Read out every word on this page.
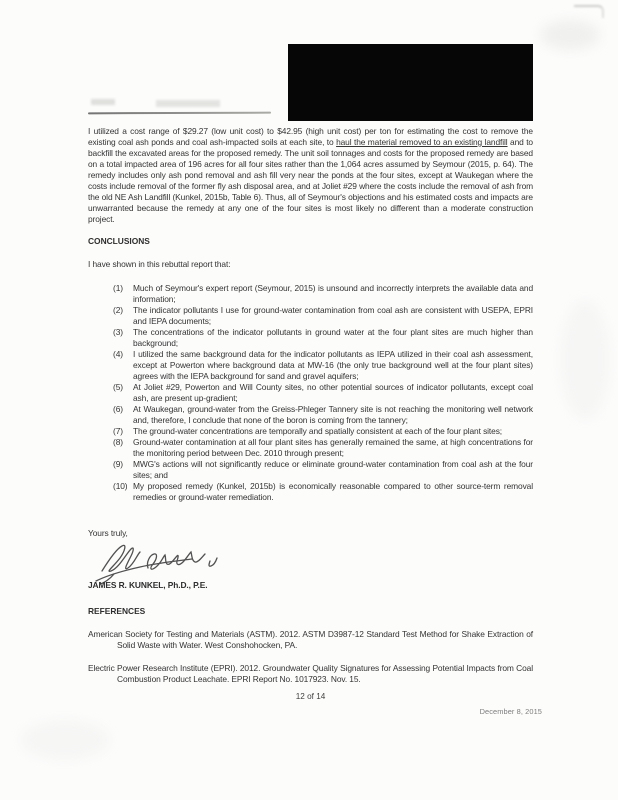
I utilized a cost range of $29.27 (low unit cost) to $42.95 (high unit cost) per ton for estimating the cost to remove the existing coal ash ponds and coal ash-impacted soils at each site, to haul the material removed to an existing landfill and to backfill the excavated areas for the proposed remedy. The unit soil tonnages and costs for the proposed remedy are based on a total impacted area of 196 acres for all four sites rather than the 1,064 acres assumed by Seymour (2015, p. 64). The remedy includes only ash pond removal and ash fill very near the ponds at the four sites, except at Waukegan where the costs include removal of the former fly ash disposal area, and at Joliet #29 where the costs include the removal of ash from the old NE Ash Landfill (Kunkel, 2015b, Table 6). Thus, all of Seymour's objections and his estimated costs and impacts are unwarranted because the remedy at any one of the four sites is most likely no different than a moderate construction project.

CONCLUSIONS
I have shown in this rebuttal report that:
(1)	Much of Seymour's expert report (Seymour, 2015) is unsound and incorrectly interprets the available data and information;
(2)	The indicator pollutants I use for ground-water contamination from coal ash are consistent with USEPA, EPRI and IEPA documents;
(3)	The concentrations of the indicator pollutants in ground water at the four plant sites are much higher than background;
(4)	I utilized the same background data for the indicator pollutants as IEPA utilized in their coal ash assessment, except at Powerton where background data at MW-16 (the only true background well at the four plant sites) agrees with the IEPA background for sand and gravel aquifers;
(5)	At Joliet #29, Powerton and Will County sites, no other potential sources of indicator pollutants, except coal ash, are present up-gradient;
(6)	At Waukegan, ground-water from the Greiss-Phleger Tannery site is not reaching the monitoring well network and, therefore, I conclude that none of the boron is coming from the tannery;
(7)	The ground-water concentrations are temporally and spatially consistent at each of the four plant sites;
(8)	Ground-water contamination at all four plant sites has generally remained the same, at high concentrations for the monitoring period between Dec. 2010 through present;
(9)	MWG's actions will not significantly reduce or eliminate ground-water contamination from coal ash at the four sites; and
(10) My proposed remedy (Kunkel, 2015b) is economically reasonable compared to other source-term removal remedies or ground-water remediation.
Yours truly,
JAMES R. KUNKEL, Ph.D., P.E.
REFERENCES

American Society for Testing and Materials (ASTM). 2012. ASTM D3987-12 Standard Test Method for Shake Extraction of Solid Waste with Water. West Conshohocken, PA.

Electric Power Research Institute (EPRI). 2012. Groundwater Quality Signatures for Assessing Potential Impacts from Coal Combustion Product Leachate. EPRI Report No. 1017923. Nov. 15.

12 of 14
December 8, 2015
